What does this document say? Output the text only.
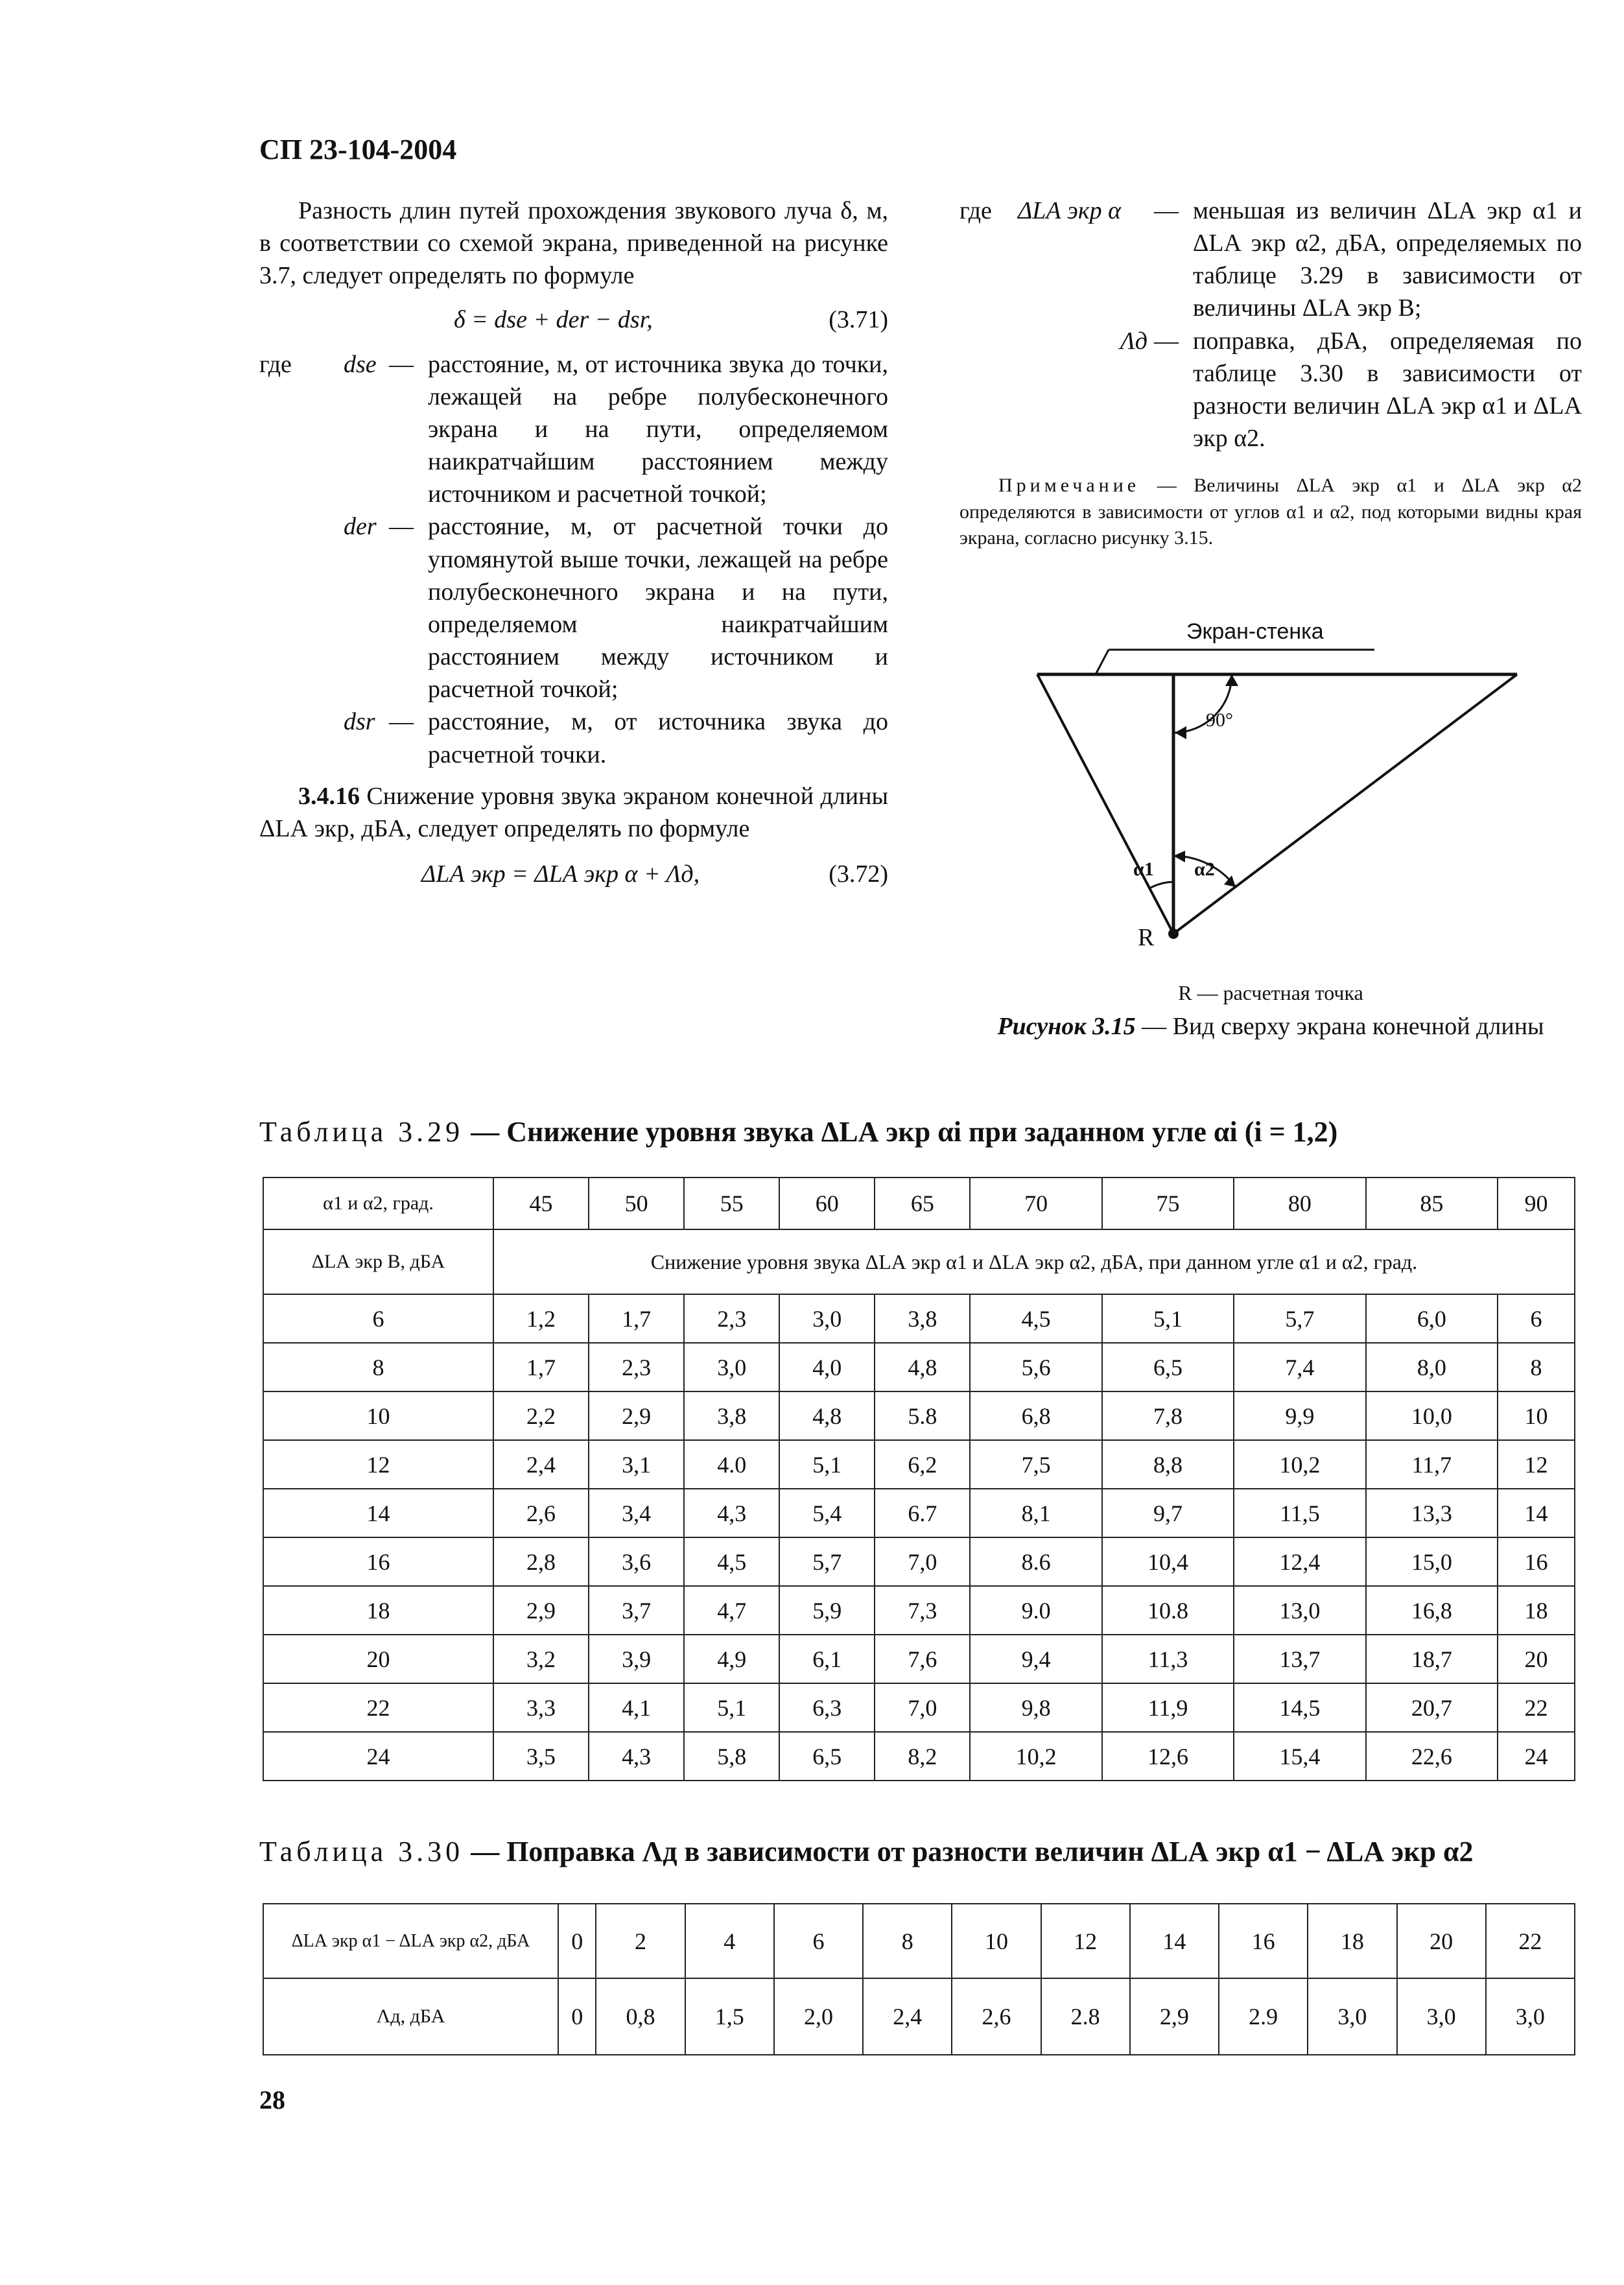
СП 23-104-2004
Разность длин путей прохождения звукового луча δ, м, в соответствии со схемой экрана, приведенной на рисунке 3.7, следует определять по формуле
δ = dse + der − dsr,	(3.71)
где	dse — расстояние, м, от источника звука до точки, лежащей на ребре полубесконечного экрана и на пути, определяемом наикратчайшим расстоянием между источником и расчетной точкой;
der — расстояние, м, от расчетной точки до упомянутой выше точки, лежащей на ребре полубесконечного экрана и на пути, определяемом наикратчайшим расстоянием между источником и расчетной точкой;
dsr — расстояние, м, от источника звука до расчетной точки.
3.4.16 Снижение уровня звука экраном конечной длины ΔLА экр, дБА, следует определять по формуле
ΔLА экр = ΔLА экр α + Λд,	(3.72)
где	ΔLА экр α	— меньшая из величин ΔLА экр α1 и ΔLА экр α2, дБА, определяемых по таблице 3.29 в зависимости от величины ΔLА экр В;
Λд — поправка, дБА, определяемая по таблице 3.30 в зависимости от разности величин ΔLА экр α1 и ΔLА экр α2.
Примечание — Величины ΔLА экр α1 и ΔLА экр α2 определяются в зависимости от углов α1 и α2, под которыми видны края экрана, согласно рисунку 3.15.
Экран-стенка
90°
α1 α2
R
R — расчетная точка
Рисунок 3.15 — Вид сверху экрана конечной длины
Таблица 3.29 — Снижение уровня звука ΔLА экр αi при заданном угле αi (i = 1,2)
α1 и α2, град.	45	50	55	60	65	70	75	80	85	90
ΔLА экр В, дБА	Снижение уровня звука ΔLА экр α1 и ΔLА экр α2, дБА, при данном угле α1 и α2, град.									
6	1,2	1,7	2,3	3,0	3,8	4,5	5,1	5,7	6,0	6
8	1,7	2,3	3,0	4,0	4,8	5,6	6,5	7,4	8,0	8
10	2,2	2,9	3,8	4,8	5.8	6,8	7,8	9,9	10,0	10
12	2,4	3,1	4.0	5,1	6,2	7,5	8,8	10,2	11,7	12
14	2,6	3,4	4,3	5,4	6.7	8,1	9,7	11,5	13,3	14
16	2,8	3,6	4,5	5,7	7,0	8.6	10,4	12,4	15,0	16
18	2,9	3,7	4,7	5,9	7,3	9.0	10.8	13,0	16,8	18
20	3,2	3,9	4,9	6,1	7,6	9,4	11,3	13,7	18,7	20
22	3,3	4,1	5,1	6,3	7,0	9,8	11,9	14,5	20,7	22
24	3,5	4,3	5,8	6,5	8,2	10,2	12,6	15,4	22,6	24
Таблица 3.30 — Поправка Λд в зависимости от разности величин ΔLА экр α1 − ΔLА экр α2
ΔLА экр α1 − ΔLА экр α2, дБА	0	2	4	6	8	10	12	14	16	18	20	22
Λд, дБА	0	0,8	1,5	2,0	2,4	2,6	2.8	2,9	2.9	3,0	3,0	3,0
28
